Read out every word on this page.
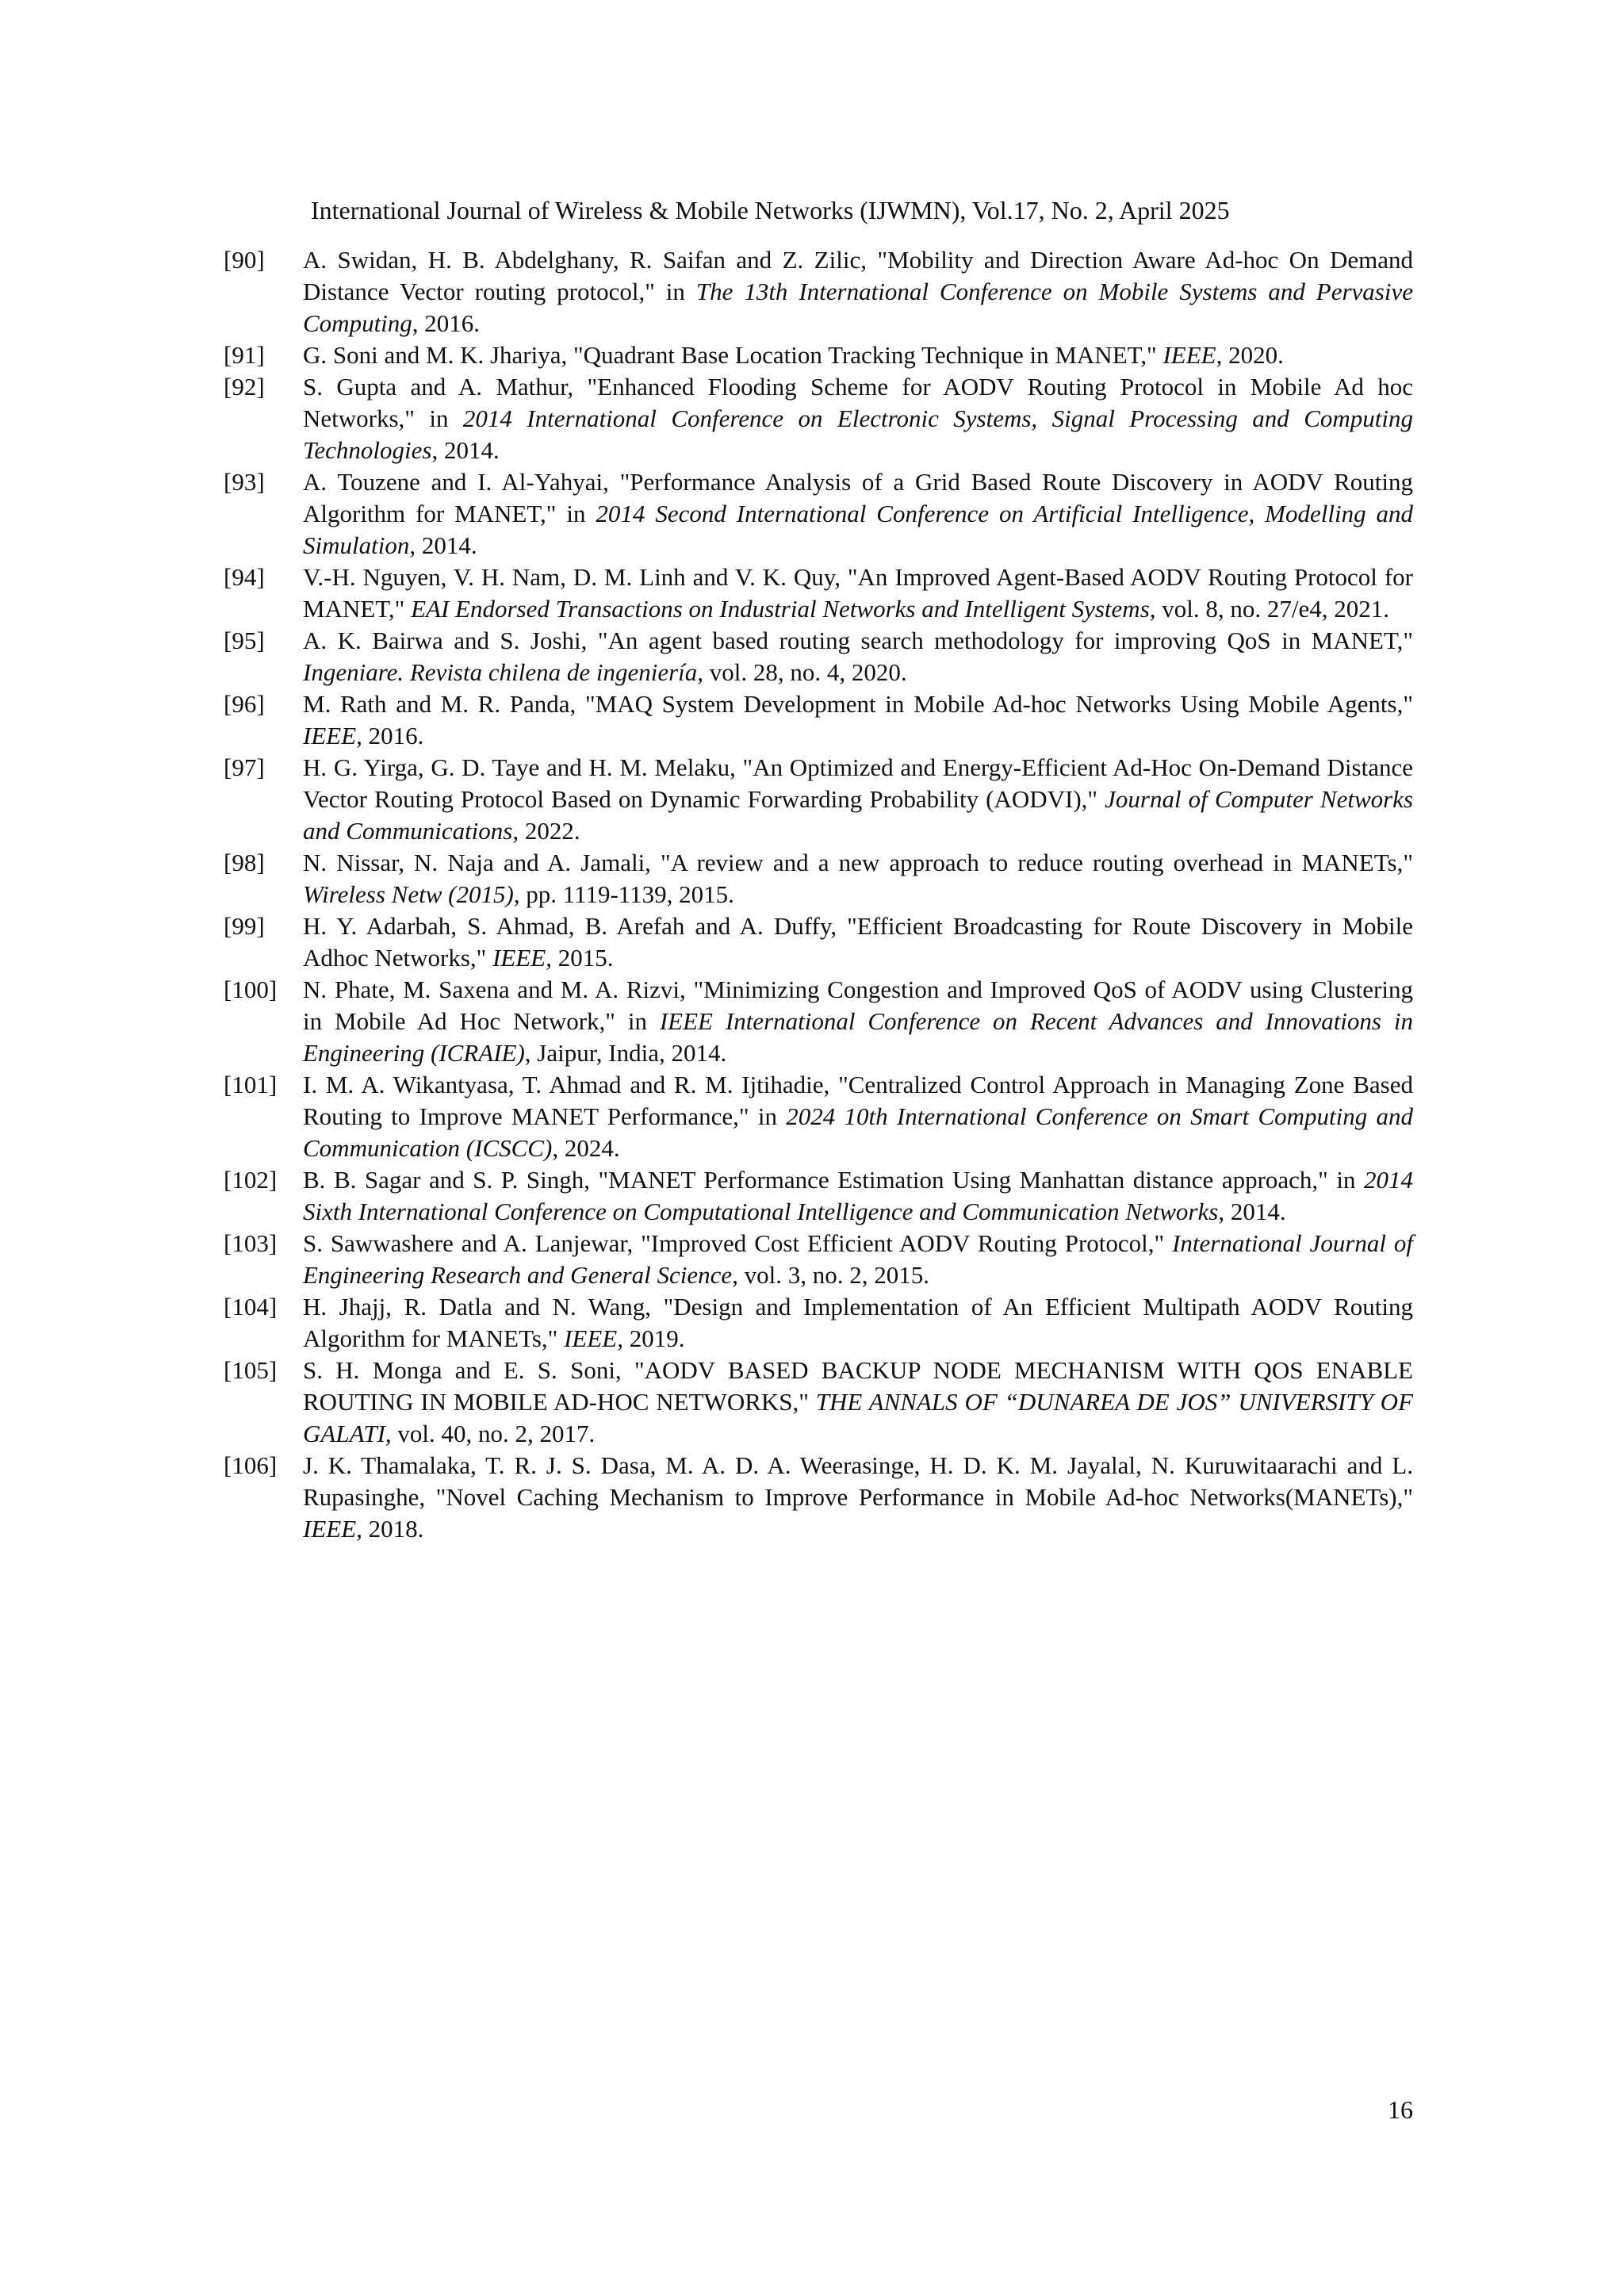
International Journal of Wireless & Mobile Networks (IJWMN), Vol.17, No. 2, April 2025
[90]	A. Swidan, H. B. Abdelghany, R. Saifan and Z. Zilic, "Mobility and Direction Aware Ad-hoc On Demand Distance Vector routing protocol," in The 13th International Conference on Mobile Systems and Pervasive Computing, 2016.
[91]	G. Soni and M. K. Jhariya, "Quadrant Base Location Tracking Technique in MANET," IEEE, 2020.
[92]	S. Gupta and A. Mathur, "Enhanced Flooding Scheme for AODV Routing Protocol in Mobile Ad hoc Networks," in 2014 International Conference on Electronic Systems, Signal Processing and Computing Technologies, 2014.
[93]	A. Touzene and I. Al-Yahyai, "Performance Analysis of a Grid Based Route Discovery in AODV Routing Algorithm for MANET," in 2014 Second International Conference on Artificial Intelligence, Modelling and Simulation, 2014.
[94]	V.-H. Nguyen, V. H. Nam, D. M. Linh and V. K. Quy, "An Improved Agent-Based AODV Routing Protocol for MANET," EAI Endorsed Transactions on Industrial Networks and Intelligent Systems, vol. 8, no. 27/e4, 2021.
[95]	A. K. Bairwa and S. Joshi, "An agent based routing search methodology for improving QoS in MANET," Ingeniare. Revista chilena de ingeniería, vol. 28, no. 4, 2020.
[96]	M. Rath and M. R. Panda, "MAQ System Development in Mobile Ad-hoc Networks Using Mobile Agents," IEEE, 2016.
[97]	H. G. Yirga, G. D. Taye and H. M. Melaku, "An Optimized and Energy-Efficient Ad-Hoc On-Demand Distance Vector Routing Protocol Based on Dynamic Forwarding Probability (AODVI)," Journal of Computer Networks and Communications, 2022.
[98]	N. Nissar, N. Naja and A. Jamali, "A review and a new approach to reduce routing overhead in MANETs," Wireless Netw (2015), pp. 1119-1139, 2015.
[99]	H. Y. Adarbah, S. Ahmad, B. Arefah and A. Duffy, "Efficient Broadcasting for Route Discovery in Mobile Adhoc Networks," IEEE, 2015.
[100]	N. Phate, M. Saxena and M. A. Rizvi, "Minimizing Congestion and Improved QoS of AODV using Clustering in Mobile Ad Hoc Network," in IEEE International Conference on Recent Advances and Innovations in Engineering (ICRAIE), Jaipur, India, 2014.
[101]	I. M. A. Wikantyasa, T. Ahmad and R. M. Ijtihadie, "Centralized Control Approach in Managing Zone Based Routing to Improve MANET Performance," in 2024 10th International Conference on Smart Computing and Communication (ICSCC), 2024.
[102]	B. B. Sagar and S. P. Singh, "MANET Performance Estimation Using Manhattan distance approach," in 2014 Sixth International Conference on Computational Intelligence and Communication Networks, 2014.
[103]	S. Sawwashere and A. Lanjewar, "Improved Cost Efficient AODV Routing Protocol," International Journal of Engineering Research and General Science, vol. 3, no. 2, 2015.
[104]	H. Jhajj, R. Datla and N. Wang, "Design and Implementation of An Efficient Multipath AODV Routing Algorithm for MANETs," IEEE, 2019.
[105]	S. H. Monga and E. S. Soni, "AODV BASED BACKUP NODE MECHANISM WITH QOS ENABLE ROUTING IN MOBILE AD-HOC NETWORKS," THE ANNALS OF “DUNAREA DE JOS” UNIVERSITY OF GALATI, vol. 40, no. 2, 2017.
[106]	J. K. Thamalaka, T. R. J. S. Dasa, M. A. D. A. Weerasinge, H. D. K. M. Jayalal, N. Kuruwitaarachi and L. Rupasinghe, "Novel Caching Mechanism to Improve Performance in Mobile Ad-hoc Networks(MANETs)," IEEE, 2018.
16
